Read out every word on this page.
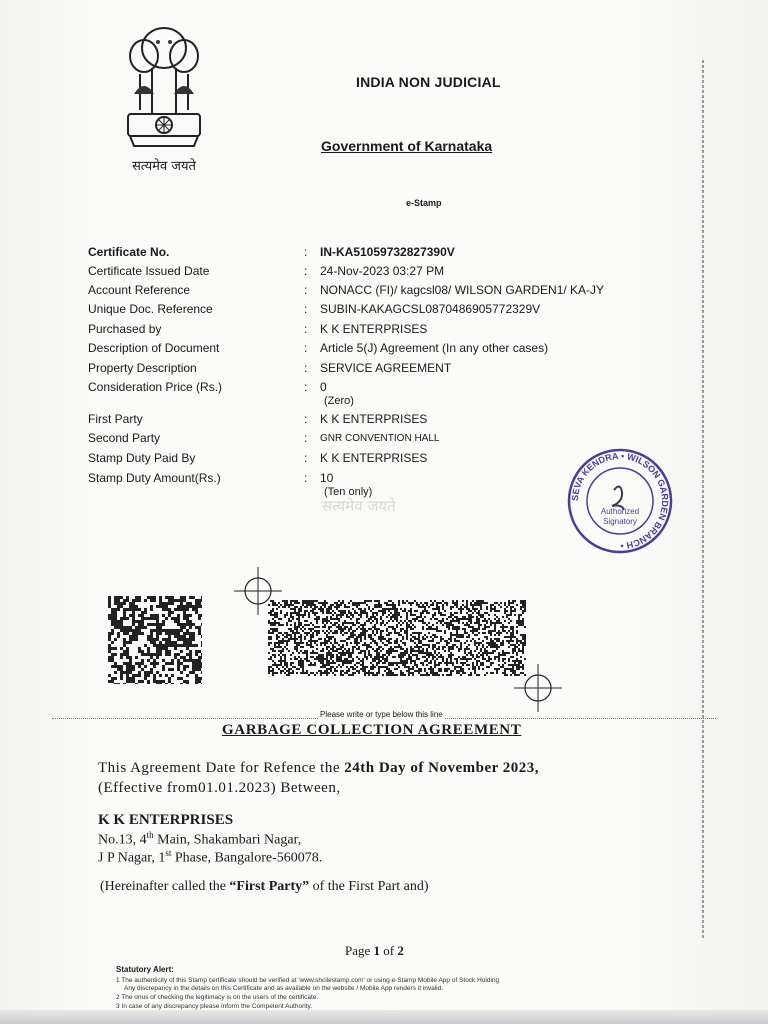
सत्यमेव जयते
INDIA NON JUDICIAL
Government of Karnataka
e-Stamp
Certificate No.	: IN-KA51059732827390V
Certificate Issued Date	: 24-Nov-2023 03:27 PM
Account Reference	: NONACC (FI)/ kagcsl08/ WILSON GARDEN1/ KA-JY
Unique Doc. Reference	: SUBIN-KAKAGCSL0870486905772329V
Purchased by	: K K ENTERPRISES
Description of Document	: Article 5(J) Agreement (In any other cases)
Property Description	: SERVICE AGREEMENT
Consideration Price (Rs.)	: 0
(Zero)
First Party	: K K ENTERPRISES
Second Party	: GNR CONVENTION HALL
Stamp Duty Paid By	: K K ENTERPRISES
Stamp Duty Amount(Rs.)	: 10
(Ten only)
सत्यमेव जयते	SEVA KENDRA • WILSON GARDEN BRANCH •
Authorized
Signatory
Please write or type below this line
GARBAGE COLLECTION AGREEMENT
This Agreement Date for Refence the 24th Day of November 2023,
(Effective from01.01.2023) Between,
K K ENTERPRISES
No.13, 4th Main, Shakambari Nagar,
J P Nagar, 1st Phase, Bangalore-560078.
(Hereinafter called the “First Party” of the First Part and)
Page 1 of 2
Statutory Alert:
1 The authenticity of this Stamp certificate should be verified at 'www.shcilestamp.com' or using e-Stamp Mobile App of Stock Holding
Any discrepancy in the details on this Certificate and as available on the website / Mobile App renders it invalid.
2 The onus of checking the legitimacy is on the users of the certificate.
3 In case of any discrepancy please inform the Competent Authority.
